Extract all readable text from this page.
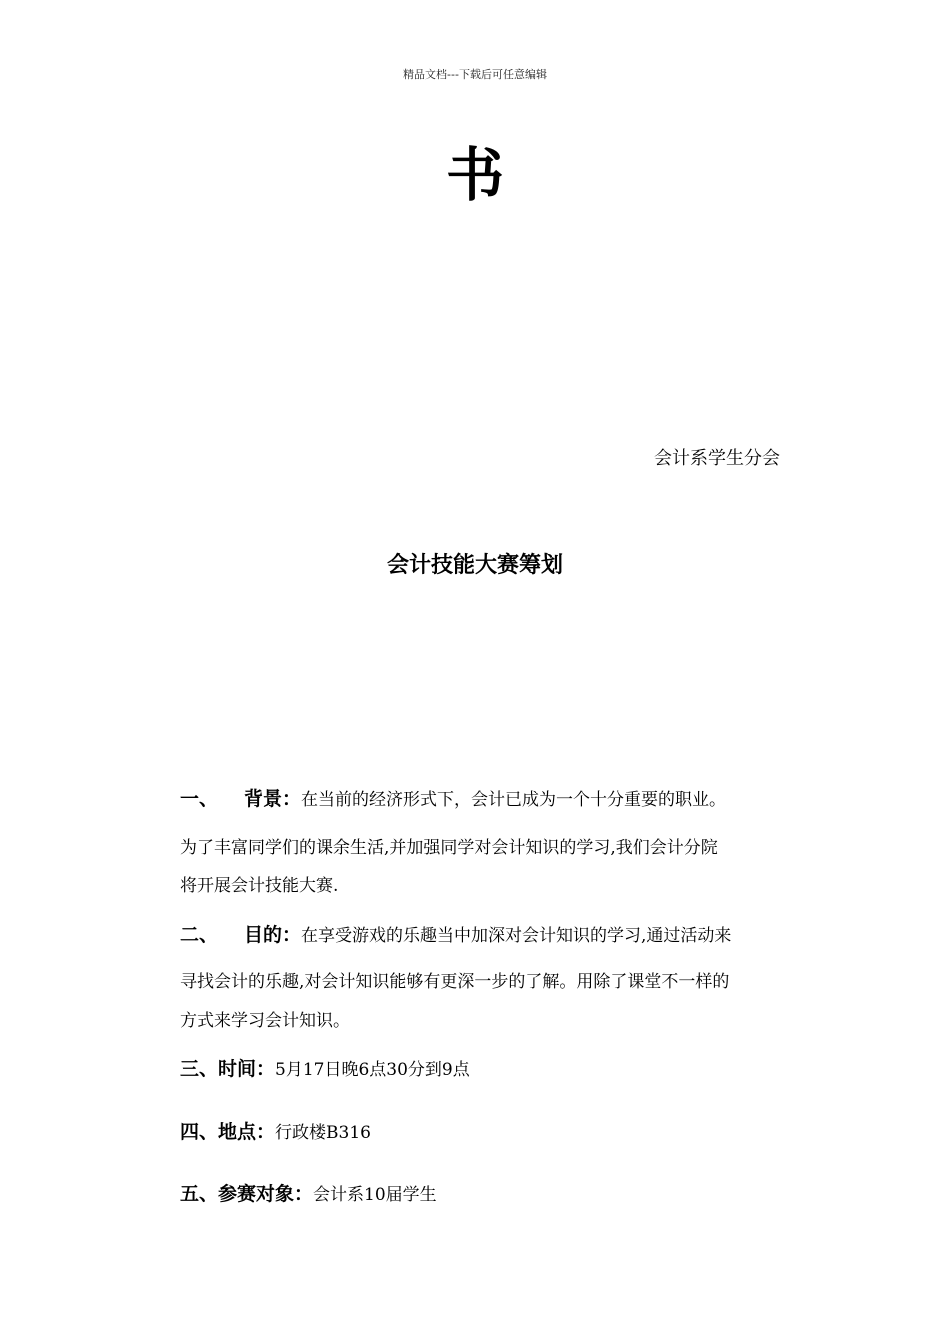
精品文档---下载后可任意编辑
书
会计系学生分会
会计技能大赛筹划
一、 背景：在当前的经济形式下，会计已成为一个十分重要的职业。
为了丰富同学们的课余生活,并加强同学对会计知识的学习,我们会计分院
将开展会计技能大赛.
二、 目的：在享受游戏的乐趣当中加深对会计知识的学习,通过活动来
寻找会计的乐趣,对会计知识能够有更深一步的了解。用除了课堂不一样的
方式来学习会计知识。
三、时间：5月17日晚6点30分到9点
四、地点：行政楼B316
五、参赛对象：会计系10届学生
